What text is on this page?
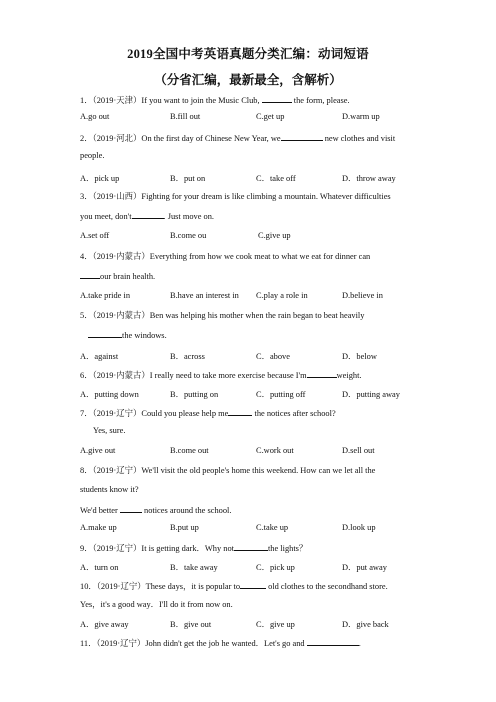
2019全国中考英语真题分类汇编：动词短语
（分省汇编，最新最全，含解析）
1．（2019·天津）If you want to join the Music Club,	the form, please.
A.go out	B.fill out	C.get up	D.warm up
2．（2019·河北）On the first day of Chinese New Year, we	new clothes and visit
people.
A．pick up	B．put on	C．take off	D．throw away
3．（2019·山西）Fighting for your dream is like climbing a mountain. Whatever difficulties
you meet, don't	. Just move on.
A.set off	B.come ou	C.give up
4．（2019·内蒙古）Everything from how we cook meat to what we eat for dinner can
our brain health.
A.take pride in	B.have an interest in C.play a role in	D.believe in
5．（2019·内蒙古）Ben was helping his mother when the rain began to beat heavily
the windows.
A．against	B．across	C．above	D．below
6．（2019·内蒙古）I really need to take more exercise because I'm	weight.
A．putting down	B．putting on	C．putting off	D．putting away
7．（2019·辽宁）Could you please help me	the notices after school?
Yes, sure.
A.give out	B.come out	C.work out	D.sell out
8．（2019·辽宁）We'll visit the old people's home this weekend. How can we let all the
students know it?
We'd better	notices around the school.
A.make up	B.put up	C.take up	D.look up
9．（2019·辽宁）It is getting dark．Why not	the lights？
A．turn on	B．take away	C．pick up	D．put away
10．（2019·辽宁）These days，it is popular to	old clothes to the secondhand store.
Yes，it's a good way．I'll do it from now on.
A．give away	B．give out	C．give up	D．give back
11．（2019·辽宁）John didn't get the job he wanted．Let's go and	.
